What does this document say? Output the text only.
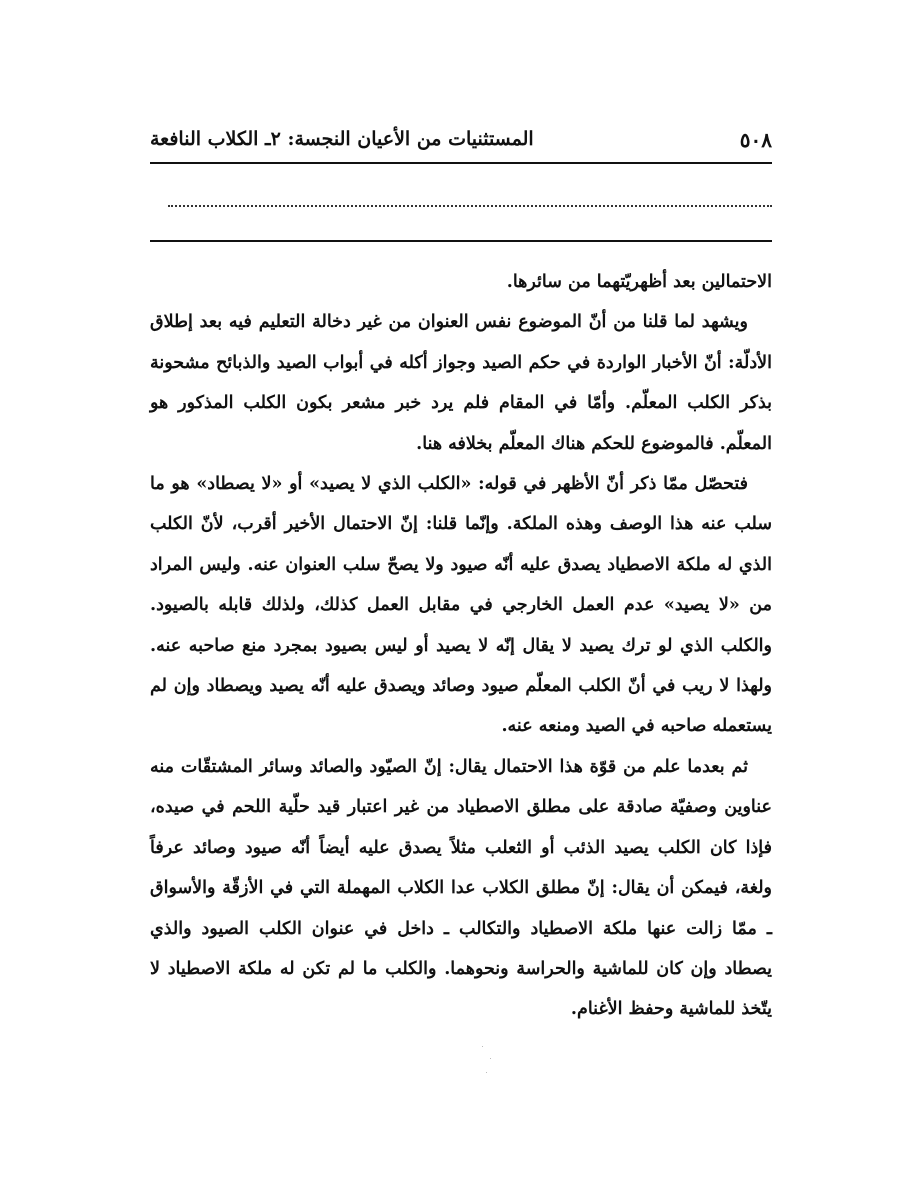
٥٠٨
المستثنيات من الأعيان النجسة: ٢ـ الكلاب النافعة

الاحتمالين بعد أظهريّتهما من سائرها.

ويشهد لما قلنا من أنّ الموضوع نفس العنوان من غير دخالة التعليم فيه بعد إطلاق الأدلّة: أنّ الأخبار الواردة في حكم الصيد وجواز أكله في أبواب الصيد والذبائح مشحونة بذكر الكلب المعلّم. وأمّا في المقام فلم يرد خبر مشعر بكون الكلب المذكور هو المعلّم. فالموضوع للحكم هناك المعلّم بخلافه هنا.

فتحصّل ممّا ذكر أنّ الأظهر في قوله: «الكلب الذي لا يصيد» أو «لا يصطاد» هو ما سلب عنه هذا الوصف وهذه الملكة. وإنّما قلنا: إنّ الاحتمال الأخير أقرب، لأنّ الكلب الذي له ملكة الاصطياد يصدق عليه أنّه صيود ولا يصحّ سلب العنوان عنه. وليس المراد من «لا يصيد» عدم العمل الخارجي في مقابل العمل كذلك، ولذلك قابله بالصيود. والكلب الذي لو ترك يصيد لا يقال إنّه لا يصيد أو ليس بصيود بمجرد منع صاحبه عنه. ولهذا لا ريب في أنّ الكلب المعلّم صيود وصائد ويصدق عليه أنّه يصيد ويصطاد وإن لم يستعمله صاحبه في الصيد ومنعه عنه.

ثم بعدما علم من قوّة هذا الاحتمال يقال: إنّ الصيّود والصائد وسائر المشتقّات منه عناوين وصفيّة صادقة على مطلق الاصطياد من غير اعتبار قيد حلّية اللحم في صيده، فإذا كان الكلب يصيد الذئب أو الثعلب مثلاً يصدق عليه أيضاً أنّه صيود وصائد عرفاً ولغة، فيمكن أن يقال: إنّ مطلق الكلاب عدا الكلاب المهملة التي في الأزقّة والأسواق ـ ممّا زالت عنها ملكة الاصطياد والتكالب ـ داخل في عنوان الكلب الصيود والذي يصطاد وإن كان للماشية والحراسة ونحوهما. والكلب ما لم تكن له ملكة الاصطياد لا يتّخذ للماشية وحفظ الأغنام.
